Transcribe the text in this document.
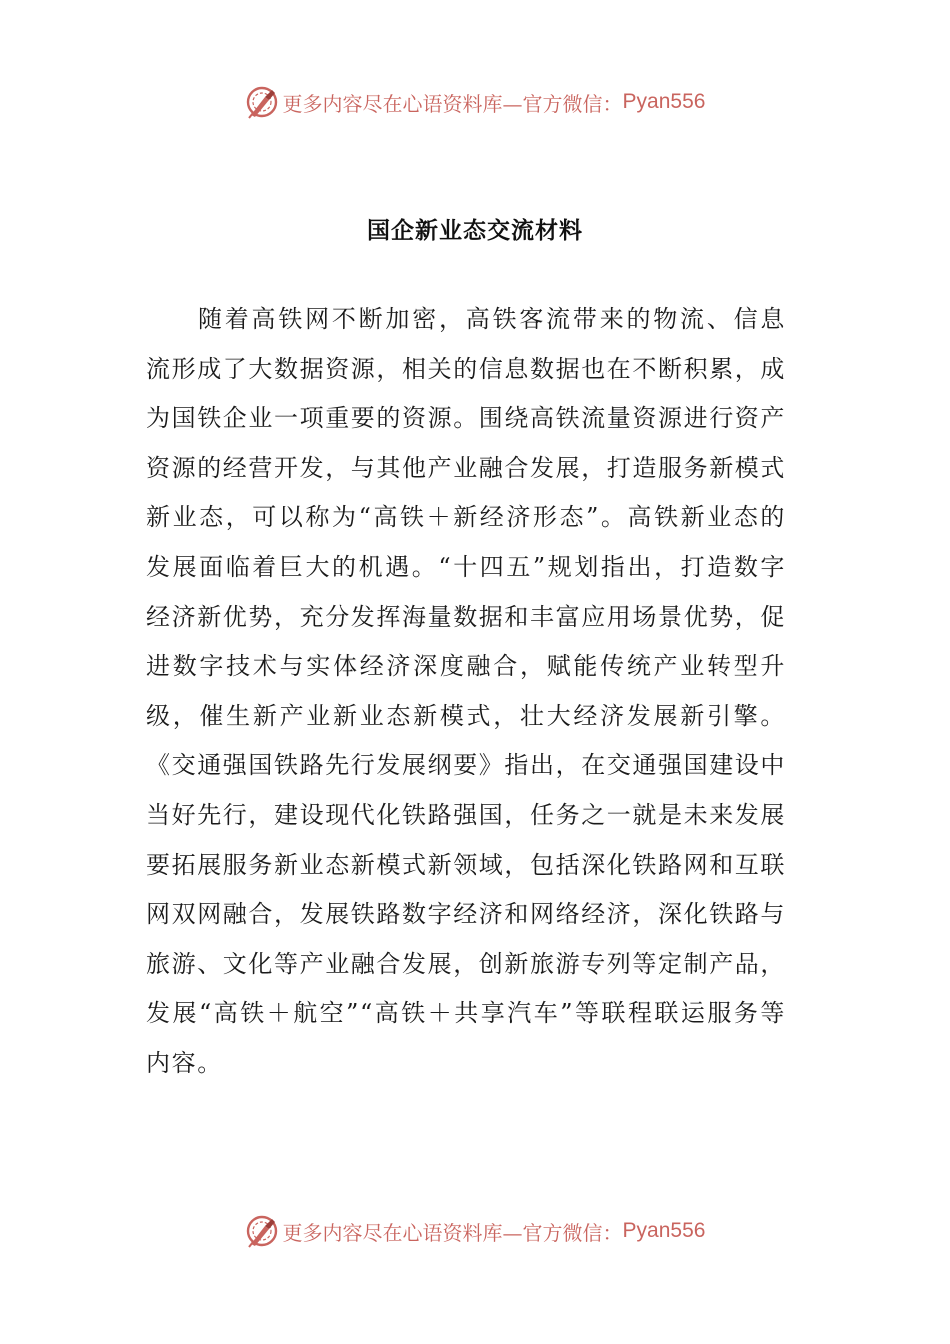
更多内容尽在心语资料库—官方微信： Pyan556
国企新业态交流材料

随着高铁网不断加密，高铁客流带来的物流、信息流形成了大数据资源，相关的信息数据也在不断积累，成为国铁企业一项重要的资源。围绕高铁流量资源进行资产资源的经营开发，与其他产业融合发展，打造服务新模式新业态，可以称为“高铁＋新经济形态”。高铁新业态的发展面临着巨大的机遇。“十四五”规划指出，打造数字经济新优势，充分发挥海量数据和丰富应用场景优势，促进数字技术与实体经济深度融合，赋能传统产业转型升级，催生新产业新业态新模式，壮大经济发展新引擎。《交通强国铁路先行发展纲要》指出，在交通强国建设中当好先行，建设现代化铁路强国，任务之一就是未来发展要拓展服务新业态新模式新领域，包括深化铁路网和互联网双网融合，发展铁路数字经济和网络经济，深化铁路与旅游、文化等产业融合发展，创新旅游专列等定制产品，发展“高铁＋航空”“高铁＋共享汽车”等联程联运服务等内容。

更多内容尽在心语资料库—官方微信： Pyan556
